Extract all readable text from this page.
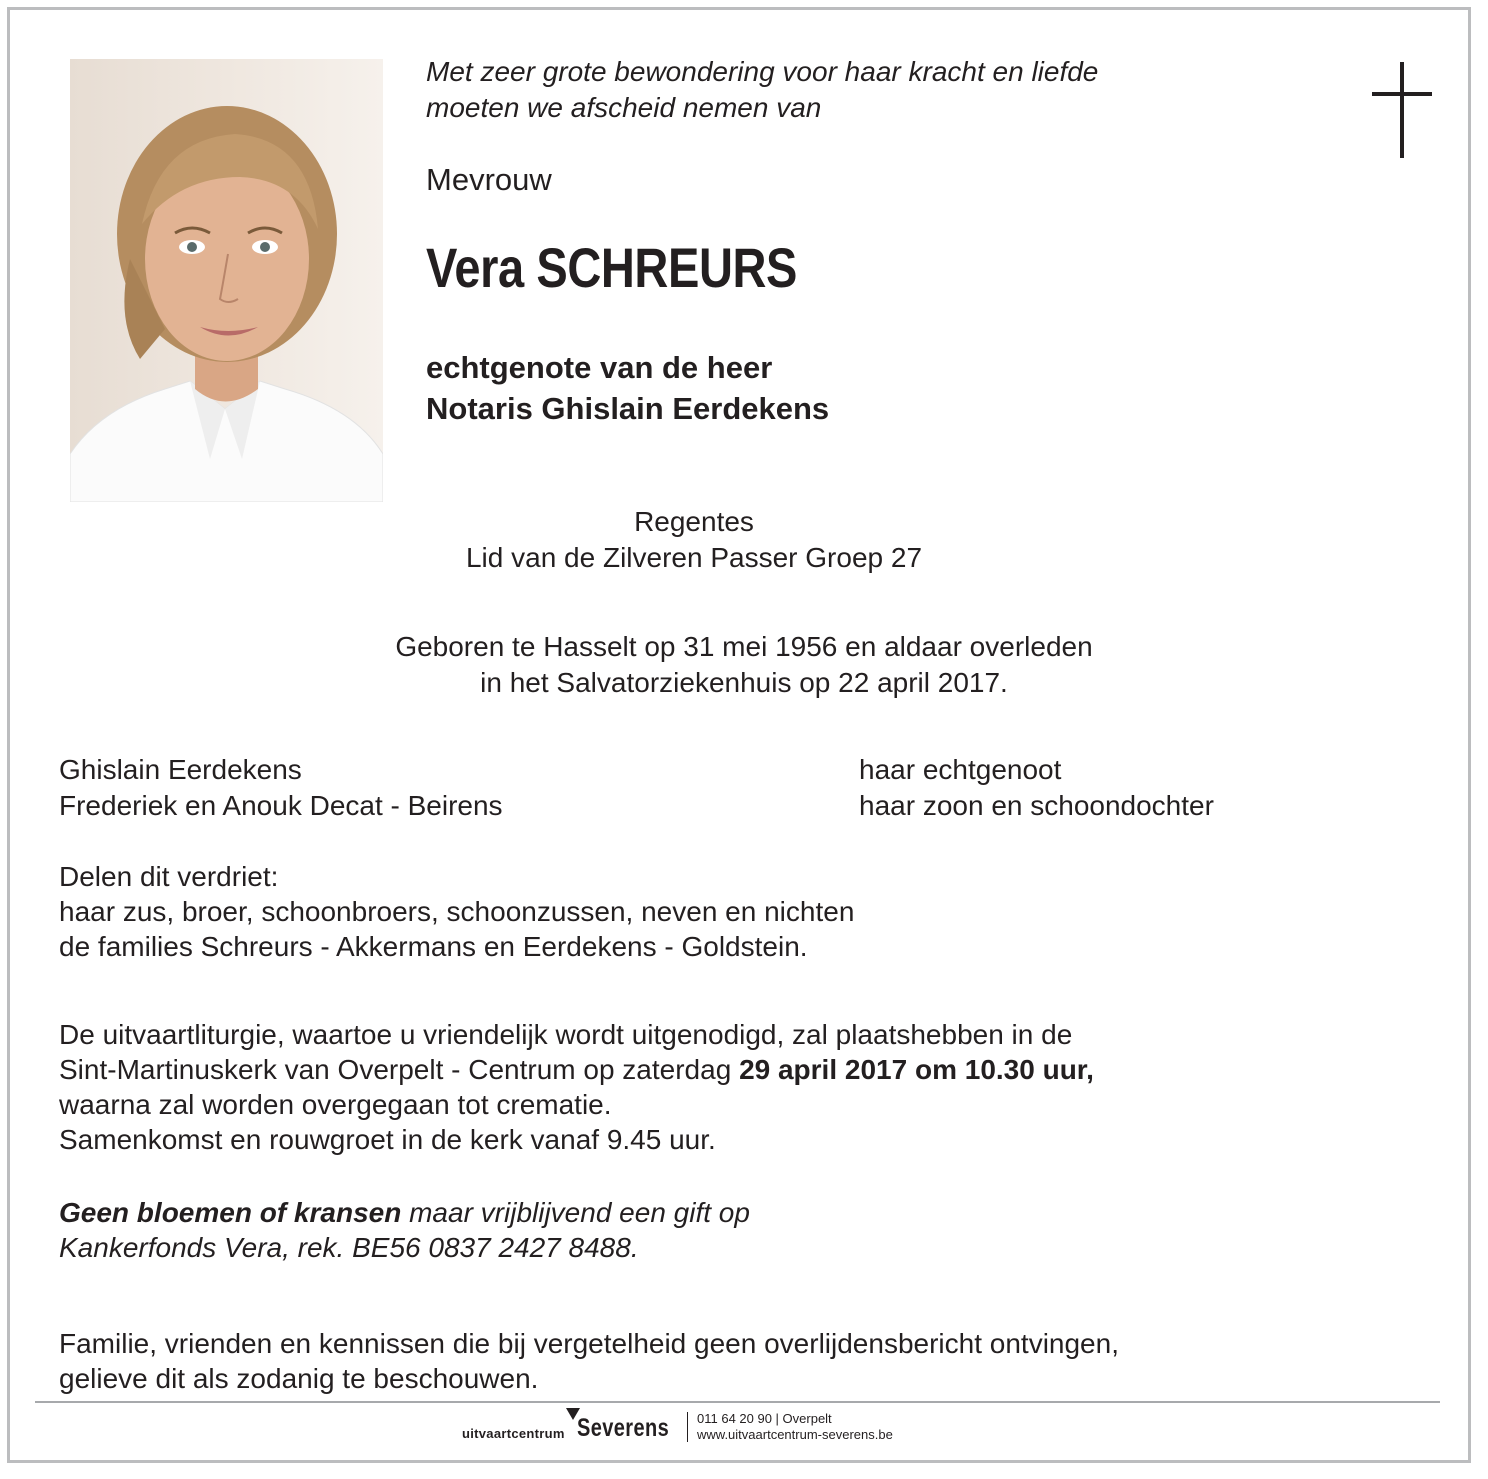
Met zeer grote bewondering voor haar kracht en liefde
moeten we afscheid nemen van
Mevrouw
Vera SCHREURS
echtgenote van de heer
Notaris Ghislain Eerdekens
Regentes
Lid van de Zilveren Passer Groep 27
Geboren te Hasselt op 31 mei 1956 en aldaar overleden
in het Salvatorziekenhuis op 22 april 2017.
Ghislain Eerdekens	haar echtgenoot
Frederiek en Anouk Decat - Beirens	haar zoon en schoondochter
Delen dit verdriet:
haar zus, broer, schoonbroers, schoonzussen, neven en nichten
de families Schreurs - Akkermans en Eerdekens - Goldstein.
De uitvaartliturgie, waartoe u vriendelijk wordt uitgenodigd, zal plaatshebben in de
Sint-Martinuskerk van Overpelt - Centrum op zaterdag 29 april 2017 om 10.30 uur,
waarna zal worden overgegaan tot crematie.
Samenkomst en rouwgroet in de kerk vanaf 9.45 uur.
Geen bloemen of kransen maar vrijblijvend een gift op
Kankerfonds Vera, rek. BE56 0837 2427 8488.
Familie, vrienden en kennissen die bij vergetelheid geen overlijdensbericht ontvingen,
gelieve dit als zodanig te beschouwen.
uitvaartcentrum Severens 011 64 20 90 | Overpelt
www.uitvaartcentrum-severens.be
